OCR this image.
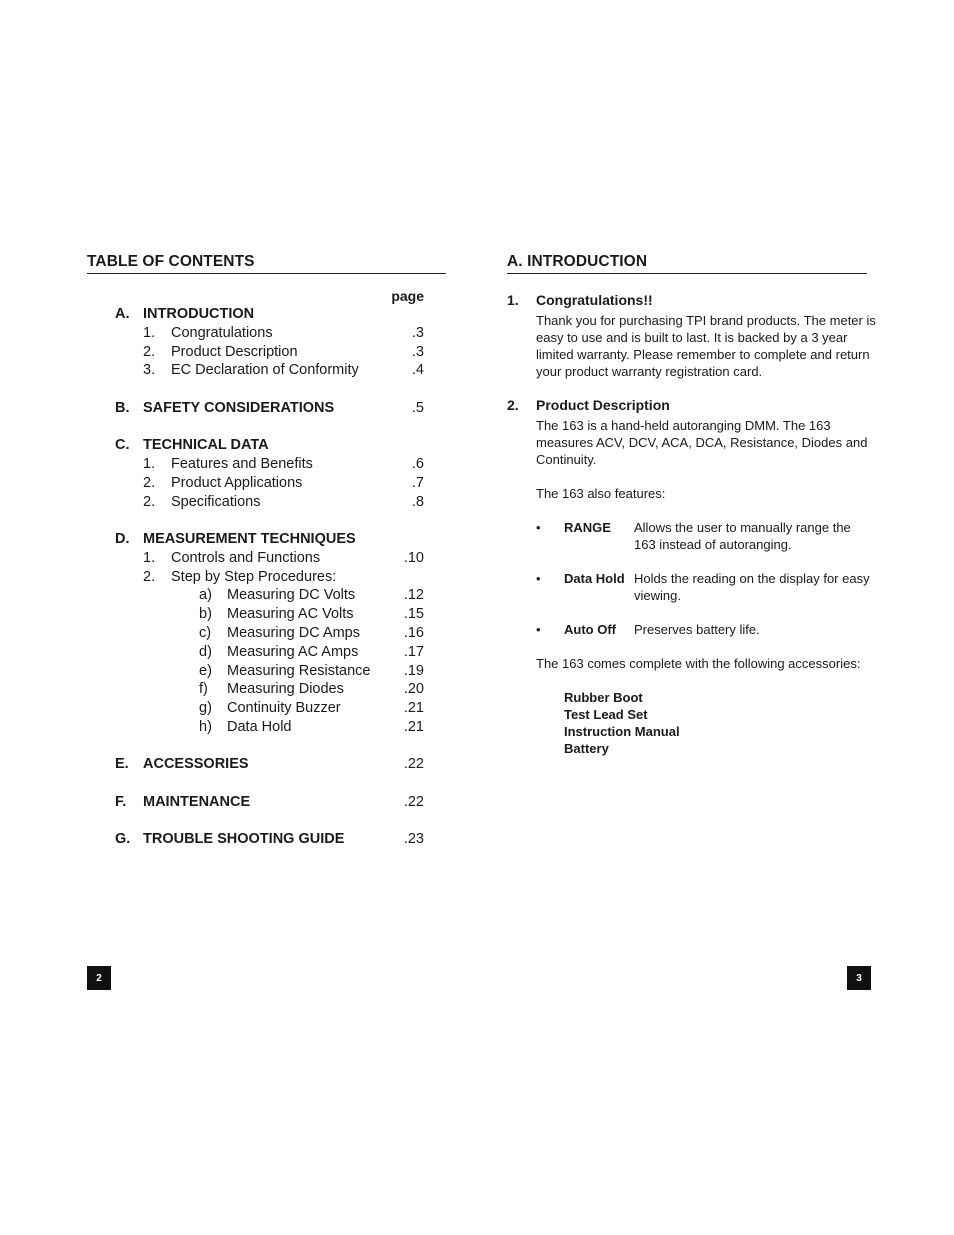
TABLE OF CONTENTS
page
A. INTRODUCTION
1. Congratulations	.3
2. Product Description	.3
3. EC Declaration of Conformity	.4
B. SAFETY CONSIDERATIONS	.5
C. TECHNICAL DATA
1. Features and Benefits	.6
2. Product Applications	.7
2. Specifications	.8
D. MEASUREMENT TECHNIQUES
1. Controls and Functions	.10
2. Step by Step Procedures:
a) Measuring DC Volts	.12
b) Measuring AC Volts	.15
c) Measuring DC Amps	.16
d) Measuring AC Amps	.17
e) Measuring Resistance .19
f) Measuring Diodes	.20
g) Continuity Buzzer	.21
h) Data Hold	.21
E. ACCESSORIES	.22
F. MAINTENANCE	.22
G. TROUBLE SHOOTING GUIDE	.23
2
A. INTRODUCTION
1. Congratulations!!
Thank you for purchasing TPI brand products. The meter is easy to use and is built to last. It is backed by a 3 year limited warranty. Please remember to complete and return your product warranty registration card.
2. Product Description
The 163 is a hand-held autoranging DMM. The 163 measures ACV, DCV, ACA, DCA, Resistance, Diodes and Continuity.
The 163 also features:
• RANGE Allows the user to manually range the 163 instead of autoranging.
• Data Hold Holds the reading on the display for easy viewing.
• Auto Off Preserves battery life.
The 163 comes complete with the following accessories:
Rubber Boot
Test Lead Set
Instruction Manual
Battery
3
